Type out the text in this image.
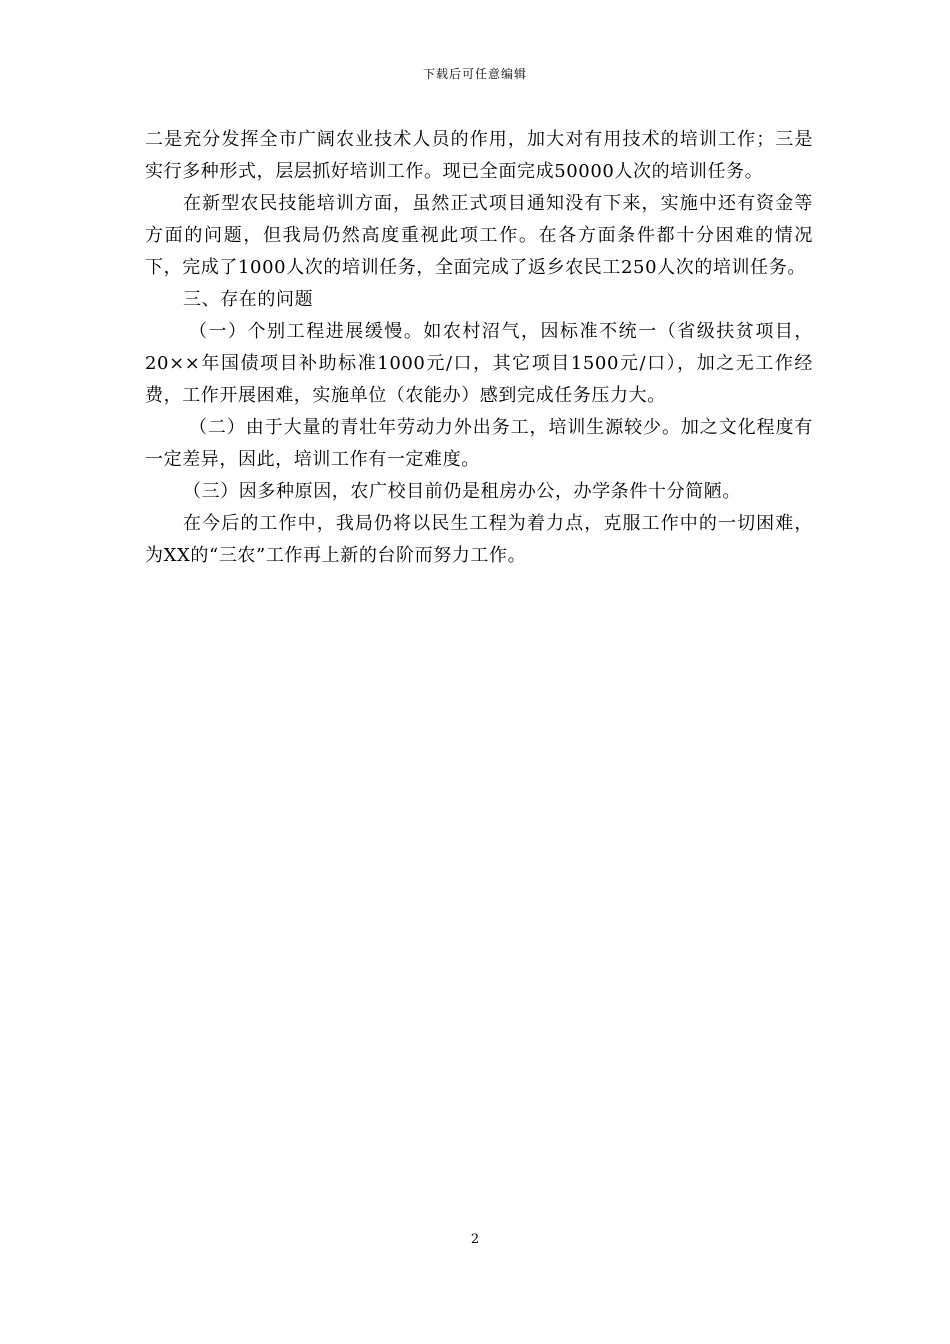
下载后可任意编辑

二是充分发挥全市广阔农业技术人员的作用，加大对有用技术的培训工作；三是实行多种形式，层层抓好培训工作。现已全面完成50000人次的培训任务。

在新型农民技能培训方面，虽然正式项目通知没有下来，实施中还有资金等方面的问题，但我局仍然高度重视此项工作。在各方面条件都十分困难的情况下，完成了1000人次的培训任务，全面完成了返乡农民工250人次的培训任务。

三、存在的问题

（一）个别工程进展缓慢。如农村沼气，因标准不统一（省级扶贫项目，20××年国债项目补助标准1000元/口，其它项目1500元/口），加之无工作经费，工作开展困难，实施单位（农能办）感到完成任务压力大。

（二）由于大量的青壮年劳动力外出务工，培训生源较少。加之文化程度有一定差异，因此，培训工作有一定难度。

（三）因多种原因，农广校目前仍是租房办公，办学条件十分简陋。

在今后的工作中，我局仍将以民生工程为着力点，克服工作中的一切困难，为XX的“三农”工作再上新的台阶而努力工作。

2
